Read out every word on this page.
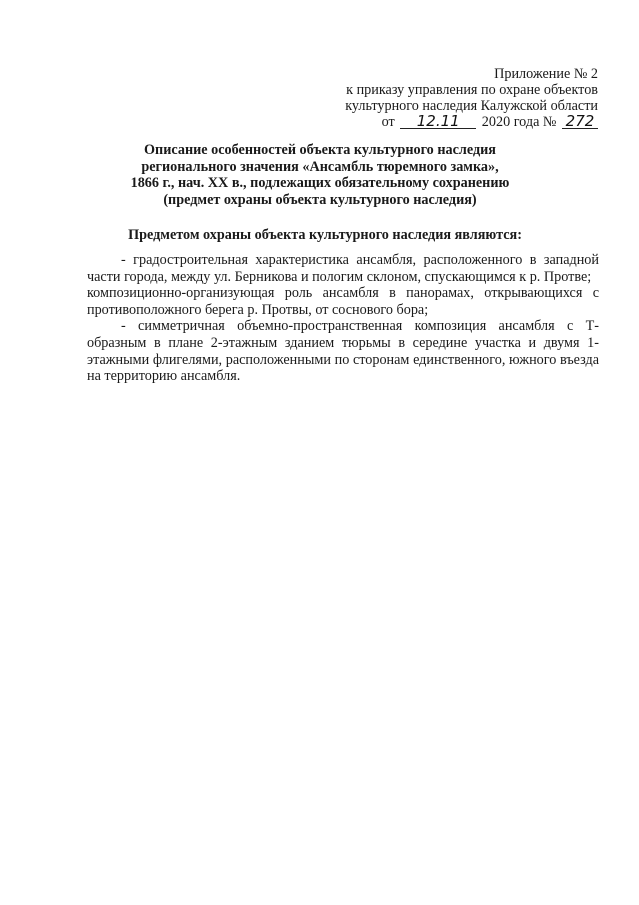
Приложение № 2
к приказу управления по охране объектов
культурного наследия Калужской области
от 12.11 2020 года № 272
Описание особенностей объекта культурного наследия
регионального значения «Ансамбль тюремного замка»,
1866 г., нач. XX в., подлежащих обязательному сохранению
(предмет охраны объекта культурного наследия)
Предметом охраны объекта культурного наследия являются:

- градостроительная характеристика ансамбля, расположенного в западной части города, между ул. Берникова и пологим склоном, спускающимся к р. Протве;

композиционно-организующая роль ансамбля в панорамах, открывающихся с противоположного берега р. Протвы, от соснового бора;

- симметричная объемно-пространственная композиция ансамбля с Т-образным в плане 2-этажным зданием тюрьмы в середине участка и двумя 1-этажными флигелями, расположенными по сторонам единственного, южного въезда на территорию ансамбля.
